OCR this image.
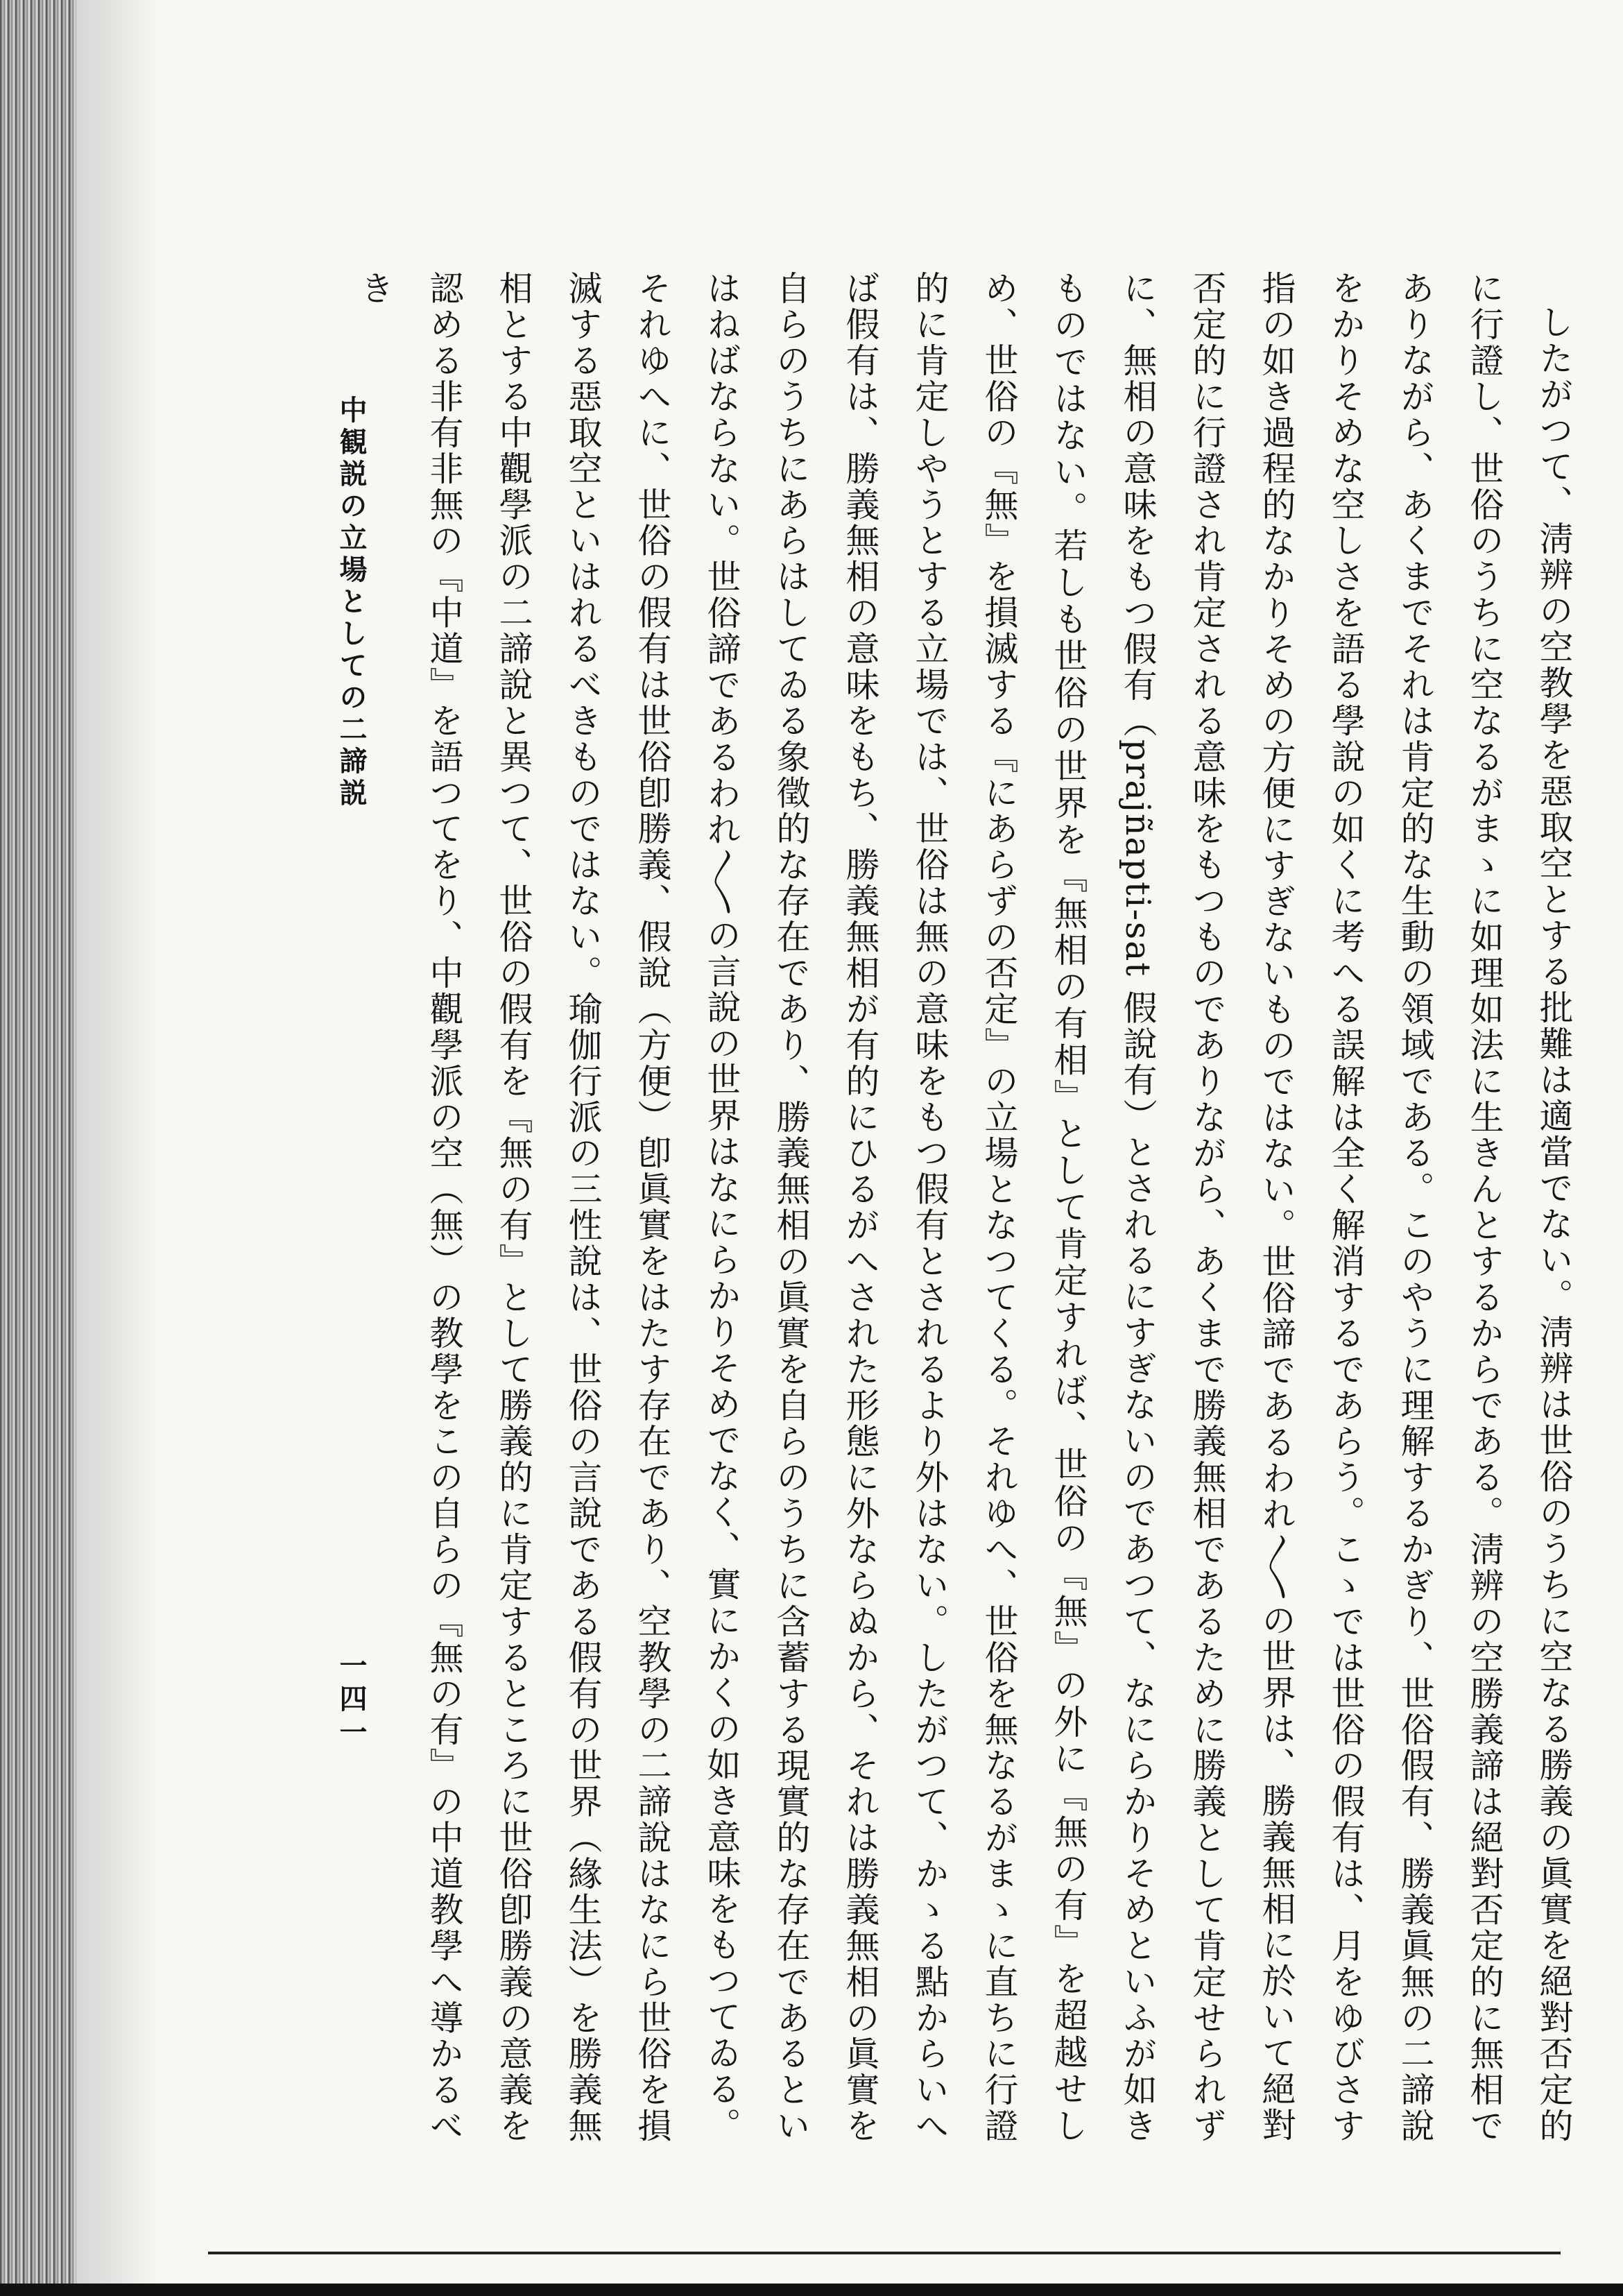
したがつて、淸辨の空教學を惡取空とする批難は適當でない。淸辨は世俗のうちに空なる勝義の眞實を絕對否定的に行證し、世俗のうちに空なるがまゝに如理如法に生きんとするからである。淸辨の空勝義諦は絕對否定的に無相でありながら、あくまでそれは肯定的な生動の領域である。このやうに理解するかぎり、世俗假有、勝義眞無の二諦說をかりそめな空しさを語る學說の如くに考へる誤解は全く解消するであらう。こゝでは世俗の假有は、月をゆびさす指の如き過程的なかりそめの方便にすぎないものではない。世俗諦であるわれ〳〵の世界は、勝義無相に於いて絕對否定的に行證され肯定される意味をもつものでありながら、あくまで勝義無相であるために勝義として肯定せられずに、無相の意味をもつ假有（prajñapti-sat 假說有）とされるにすぎないのであつて、なにらかりそめといふが如きものではない。若しも世俗の世界を『無相の有相』として肯定すれば、世俗の『無』の外に『無の有』を超越せしめ、世俗の『無』を損滅する『にあらずの否定』の立場となつてくる。それゆへ、世俗を無なるがまゝに直ちに行證的に肯定しやうとする立場では、世俗は無の意味をもつ假有とされるより外はない。したがつて、かゝる點からいへば假有は、勝義無相の意味をもち、勝義無相が有的にひるがへされた形態に外ならぬから、それは勝義無相の眞實を自らのうちにあらはしてゐる象徵的な存在であり、勝義無相の眞實を自らのうちに含蓄する現實的な存在であるといはねばならない。世俗諦であるわれ〳〵の言說の世界はなにらかりそめでなく、實にかくの如き意味をもつてゐる。それゆへに、世俗の假有は世俗卽勝義、假說（方便）卽眞實をはたす存在であり、空教學の二諦說はなにら世俗を損滅する惡取空といはれるべきものではない。瑜伽行派の三性說は、世俗の言說である假有の世界（緣生法）を勝義無相とする中觀學派の二諦說と異つて、世俗の假有を『無の有』として勝義的に肯定するところに世俗卽勝義の意義を認める非有非無の『中道』を語つてをり、中觀學派の空（無）の教學をこの自らの『無の有』の中道教學へ導かるべき

中観説の立場としての二諦説
一四一
